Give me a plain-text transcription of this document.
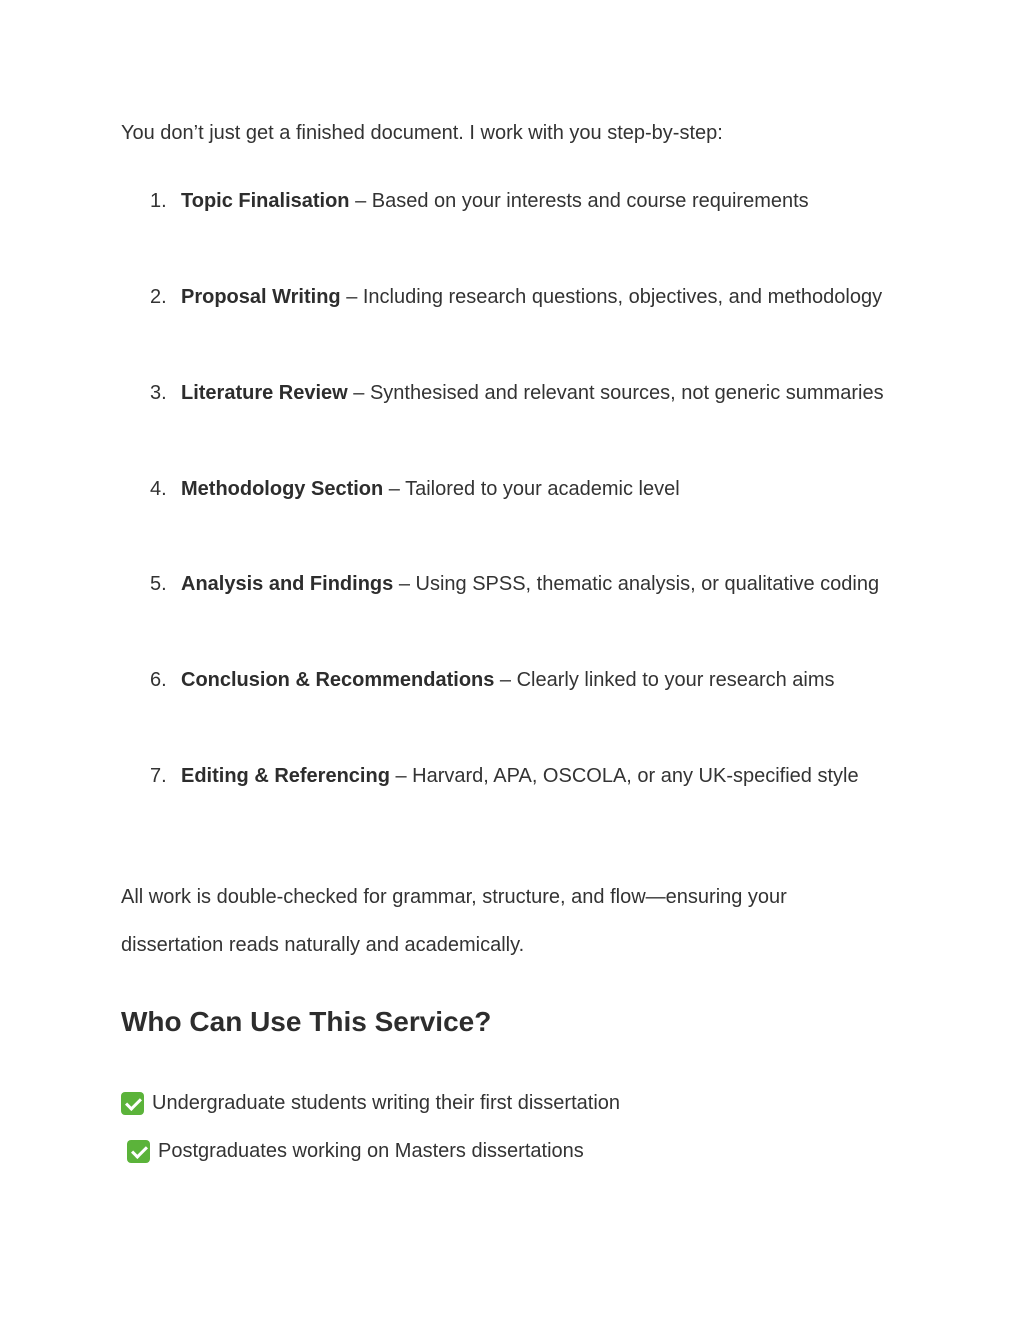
You don’t just get a finished document. I work with you step-by-step:

1. Topic Finalisation – Based on your interests and course requirements
2. Proposal Writing – Including research questions, objectives, and methodology
3. Literature Review – Synthesised and relevant sources, not generic summaries
4. Methodology Section – Tailored to your academic level
5. Analysis and Findings – Using SPSS, thematic analysis, or qualitative coding
6. Conclusion & Recommendations – Clearly linked to your research aims
7. Editing & Referencing – Harvard, APA, OSCOLA, or any UK-specified style

All work is double-checked for grammar, structure, and flow—ensuring your dissertation reads naturally and academically.

Who Can Use This Service?
Undergraduate students writing their first dissertation
Postgraduates working on Masters dissertations
